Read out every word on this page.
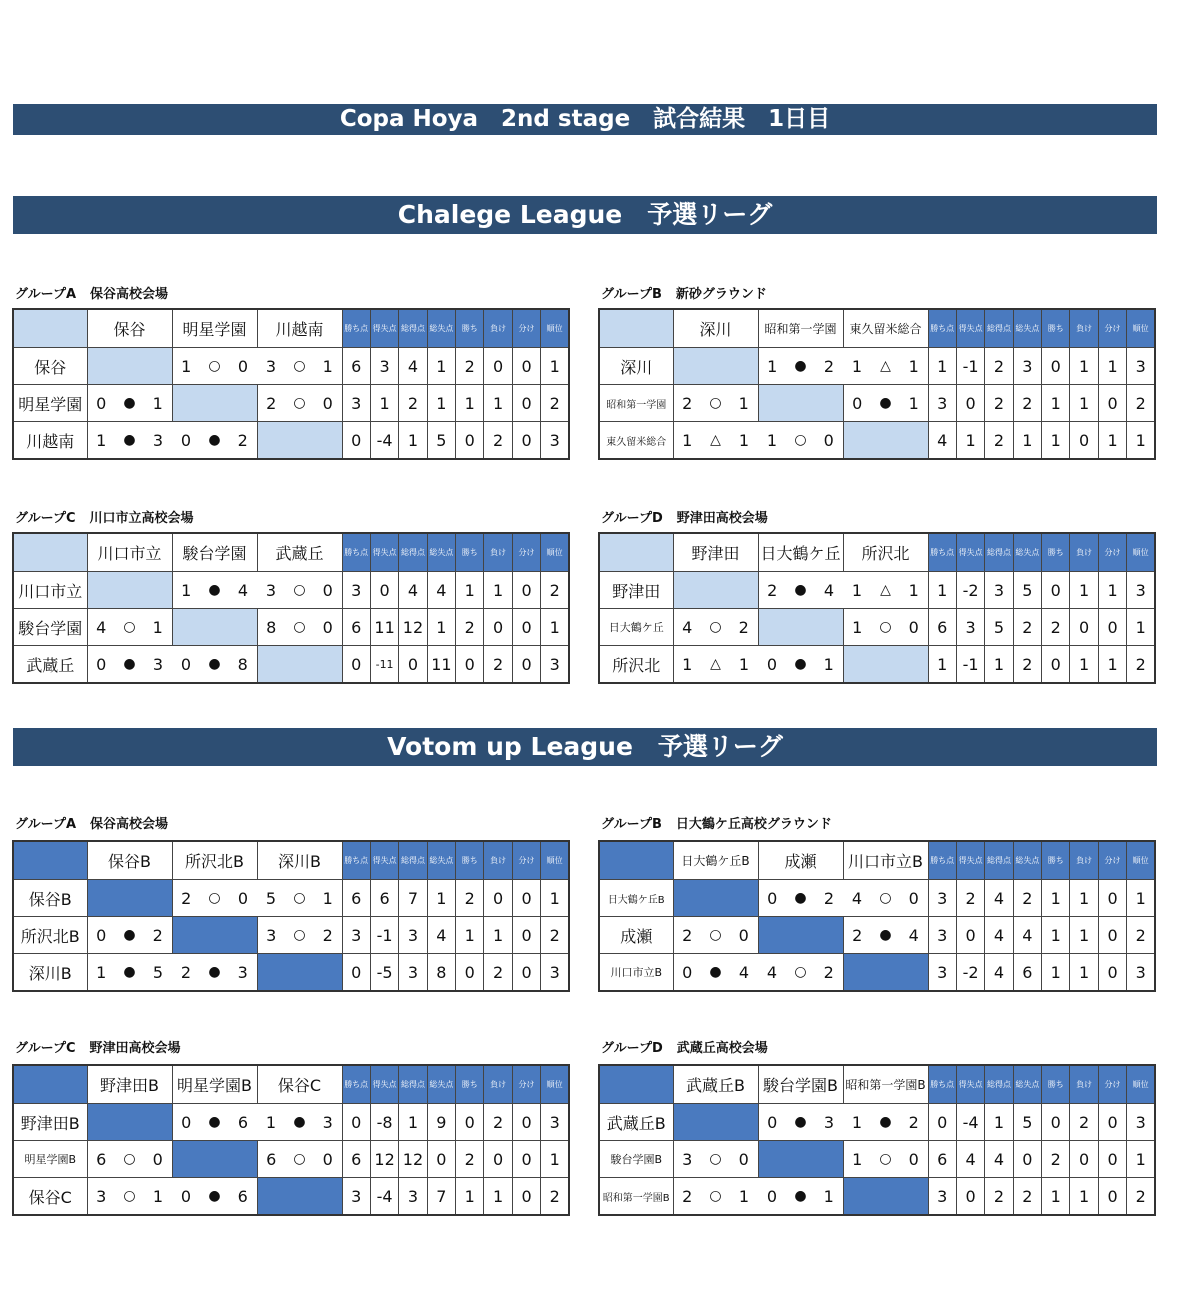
Copa Hoya　2nd stage　試合結果　1日目
Chalege League　予選リーグ
Votom up League　予選リーグ
グループA 保谷高校会場
	保谷			明星学園			川越南			勝ち点	得失点	総得点	総失点	勝ち	負け	分け	順位
保谷				1	○	0	3	○	1	6	3	4	1	2	0	0	1
明星学園	0	●	1				2	○	0	3	1	2	1	1	1	0	2
川越南	1	●	3	0	●	2				0	-4	1	5	0	2	0	3
グループB 新砂グラウンド
	深川			昭和第一学園			東久留米総合			勝ち点	得失点	総得点	総失点	勝ち	負け	分け	順位
深川				1	●	2	1	△	1	1	-1	2	3	0	1	1	3
昭和第一学園	2	○	1				0	●	1	3	0	2	2	1	1	0	2
東久留米総合	1	△	1	1	○	0				4	1	2	1	1	0	1	1
グループC 川口市立高校会場
	川口市立			駿台学園			武蔵丘			勝ち点	得失点	総得点	総失点	勝ち	負け	分け	順位
川口市立				1	●	4	3	○	0	3	0	4	4	1	1	0	2
駿台学園	4	○	1				8	○	0	6	11	12	1	2	0	0	1
武蔵丘	0	●	3	0	●	8				0	-11	0	11	0	2	0	3
グループD 野津田高校会場
	野津田			日大鶴ケ丘			所沢北			勝ち点	得失点	総得点	総失点	勝ち	負け	分け	順位
野津田				2	●	4	1	△	1	1	-2	3	5	0	1	1	3
日大鶴ケ丘	4	○	2				1	○	0	6	3	5	2	2	0	0	1
所沢北	1	△	1	0	●	1				1	-1	1	2	0	1	1	2
グループA 保谷高校会場
	保谷B			所沢北B			深川B			勝ち点	得失点	総得点	総失点	勝ち	負け	分け	順位
保谷B				2	○	0	5	○	1	6	6	7	1	2	0	0	1
所沢北B	0	●	2				3	○	2	3	-1	3	4	1	1	0	2
深川B	1	●	5	2	●	3				0	-5	3	8	0	2	0	3
グループB 日大鶴ケ丘高校グラウンド
	日大鶴ケ丘B			成瀬			川口市立B			勝ち点	得失点	総得点	総失点	勝ち	負け	分け	順位
日大鶴ケ丘B				0	●	2	4	○	0	3	2	4	2	1	1	0	1
成瀬	2	○	0				2	●	4	3	0	4	4	1	1	0	2
川口市立B	0	●	4	4	○	2				3	-2	4	6	1	1	0	3
グループC 野津田高校会場
	野津田B			明星学園B			保谷C			勝ち点	得失点	総得点	総失点	勝ち	負け	分け	順位
野津田B				0	●	6	1	●	3	0	-8	1	9	0	2	0	3
明星学園B	6	○	0				6	○	0	6	12	12	0	2	0	0	1
保谷C	3	○	1	0	●	6				3	-4	3	7	1	1	0	2
グループD 武蔵丘高校会場
	武蔵丘B			駿台学園B			昭和第一学園B			勝ち点	得失点	総得点	総失点	勝ち	負け	分け	順位
武蔵丘B				0	●	3	1	●	2	0	-4	1	5	0	2	0	3
駿台学園B	3	○	0				1	○	0	6	4	4	0	2	0	0	1
昭和第一学園B	2	○	1	0	●	1				3	0	2	2	1	1	0	2
